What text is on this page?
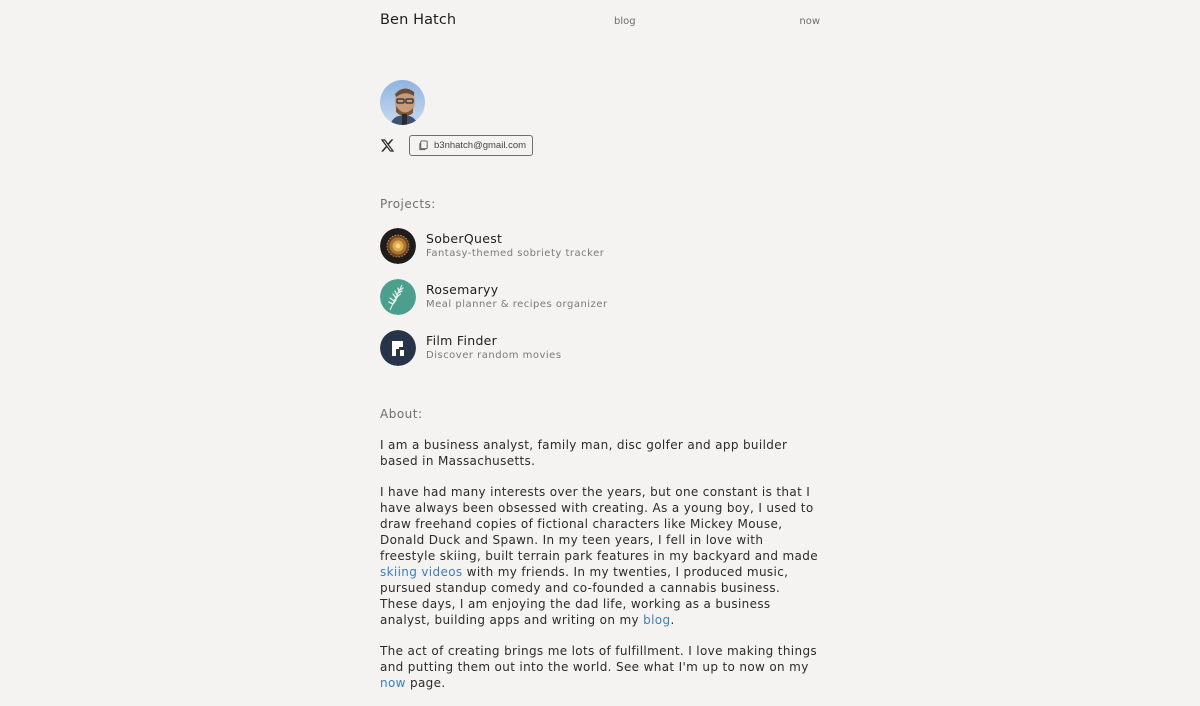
Ben Hatch	blog	now
b3nhatch@gmail.com
Projects:
SoberQuest
Fantasy-themed sobriety tracker
Rosemaryy
Meal planner & recipes organizer
Film Finder
Discover random movies
About:

I am a business analyst, family man, disc golfer and app builder based in Massachusetts.

I have had many interests over the years, but one constant is that I have always been obsessed with creating. As a young boy, I used to draw freehand copies of fictional characters like Mickey Mouse, Donald Duck and Spawn. In my teen years, I fell in love with freestyle skiing, built terrain park features in my backyard and made skiing videos with my friends. In my twenties, I produced music, pursued standup comedy and co-founded a cannabis business. These days, I am enjoying the dad life, working as a business analyst, building apps and writing on my blog.

The act of creating brings me lots of fulfillment. I love making things and putting them out into the world. See what I'm up to now on my now page.
